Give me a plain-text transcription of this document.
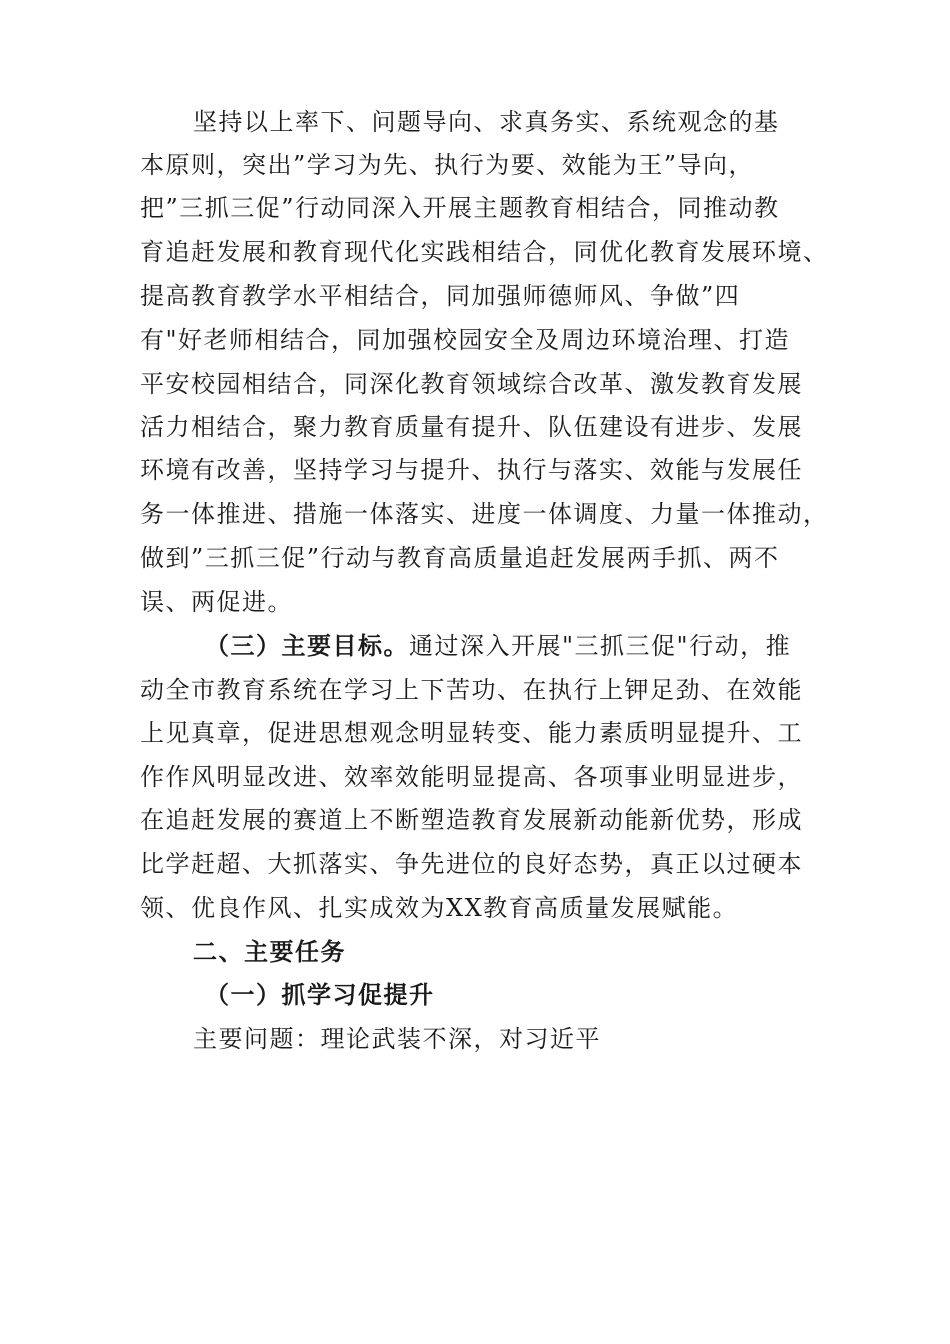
坚持以上率下、问题导向、求真务实、系统观念的基
本原则，突出”学习为先、执行为要、效能为王”导向，
把”三抓三促”行动同深入开展主题教育相结合，同推动教
育追赶发展和教育现代化实践相结合，同优化教育发展环境、
提高教育教学水平相结合，同加强师德师风、争做”四
有"好老师相结合，同加强校园安全及周边环境治理、打造
平安校园相结合，同深化教育领域综合改革、激发教育发展
活力相结合，聚力教育质量有提升、队伍建设有进步、发展
环境有改善，坚持学习与提升、执行与落实、效能与发展任
务一体推进、措施一体落实、进度一体调度、力量一体推动，
做到”三抓三促”行动与教育高质量追赶发展两手抓、两不
误、两促进。
（三）主要目标。通过深入开展"三抓三促"行动，推
动全市教育系统在学习上下苦功、在执行上钾足劲、在效能
上见真章，促进思想观念明显转变、能力素质明显提升、工
作作风明显改进、效率效能明显提高、各项事业明显进步，
在追赶发展的赛道上不断塑造教育发展新动能新优势，形成
比学赶超、大抓落实、争先进位的良好态势，真正以过硬本
领、优良作风、扎实成效为XX教育高质量发展赋能。
二、主要任务
（一）抓学习促提升
主要问题：理论武装不深，对习近平
